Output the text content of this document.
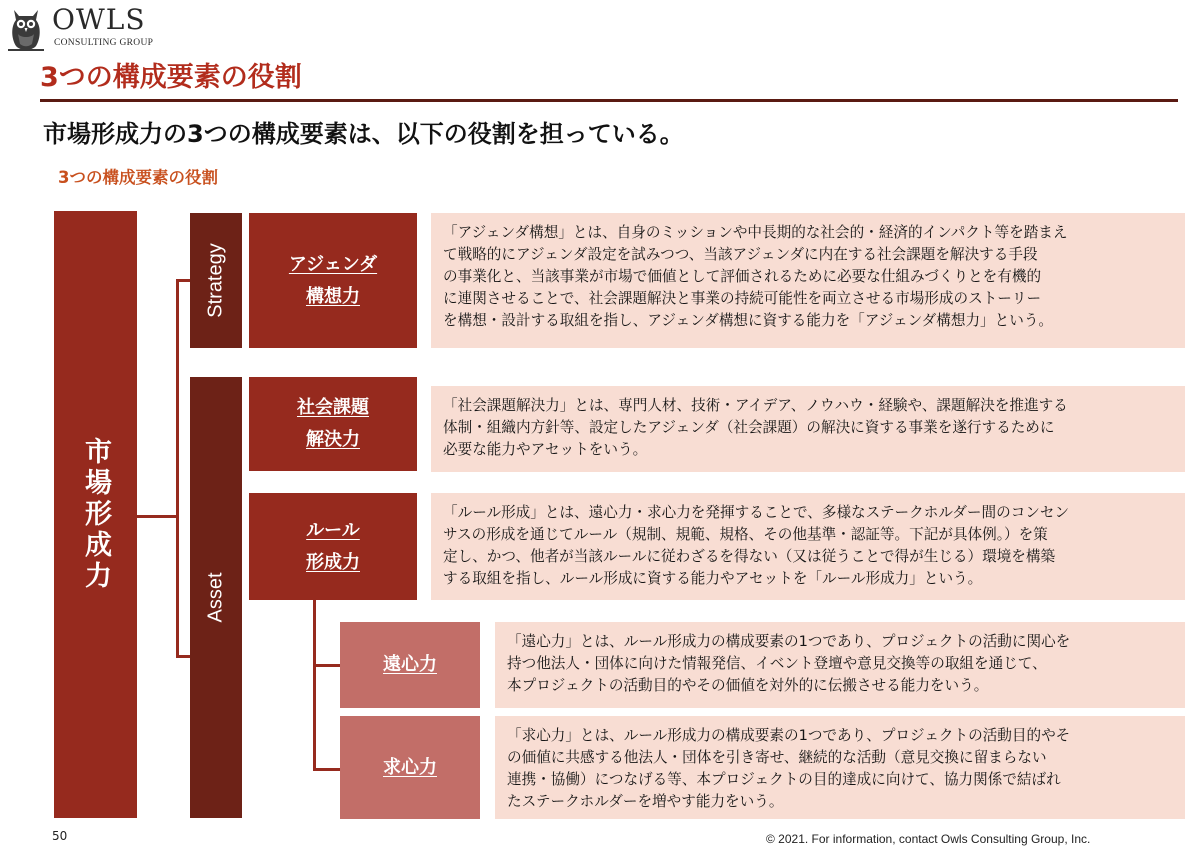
OWLS
CONSULTING GROUP
3つの構成要素の役割
市場形成力の3つの構成要素は、以下の役割を担っている。
3つの構成要素の役割
市場形成力
Strategy
Asset
アジェンダ
構想力
社会課題
解決力
ルール
形成力
遠心力
求心力
「アジェンダ構想」とは、自身のミッションや中長期的な社会的・経済的インパクト等を踏まえ
て戦略的にアジェンダ設定を試みつつ、当該アジェンダに内在する社会課題を解決する手段
の事業化と、当該事業が市場で価値として評価されるために必要な仕組みづくりとを有機的
に連関させることで、社会課題解決と事業の持続可能性を両立させる市場形成のストーリー
を構想・設計する取組を指し、アジェンダ構想に資する能力を「アジェンダ構想力」という。
「社会課題解決力」とは、専門人材、技術・アイデア、ノウハウ・経験や、課題解決を推進する
体制・組織内方針等、設定したアジェンダ（社会課題）の解決に資する事業を遂行するために
必要な能力やアセットをいう。
「ルール形成」とは、遠心力・求心力を発揮することで、多様なステークホルダー間のコンセン
サスの形成を通じてルール（規制、規範、規格、その他基準・認証等。下記が具体例。）を策
定し、かつ、他者が当該ルールに従わざるを得ない（又は従うことで得が生じる）環境を構築
する取組を指し、ルール形成に資する能力やアセットを「ルール形成力」という。
「遠心力」とは、ルール形成力の構成要素の1つであり、プロジェクトの活動に関心を
持つ他法人・団体に向けた情報発信、イベント登壇や意見交換等の取組を通じて、
本プロジェクトの活動目的やその価値を対外的に伝搬させる能力をいう。
「求心力」とは、ルール形成力の構成要素の1つであり、プロジェクトの活動目的やそ
の価値に共感する他法人・団体を引き寄せ、継続的な活動（意見交換に留まらない
連携・協働）につなげる等、本プロジェクトの目的達成に向けて、協力関係で結ばれ
たステークホルダーを増やす能力をいう。
50	© 2021. For information, contact Owls Consulting Group, Inc.
